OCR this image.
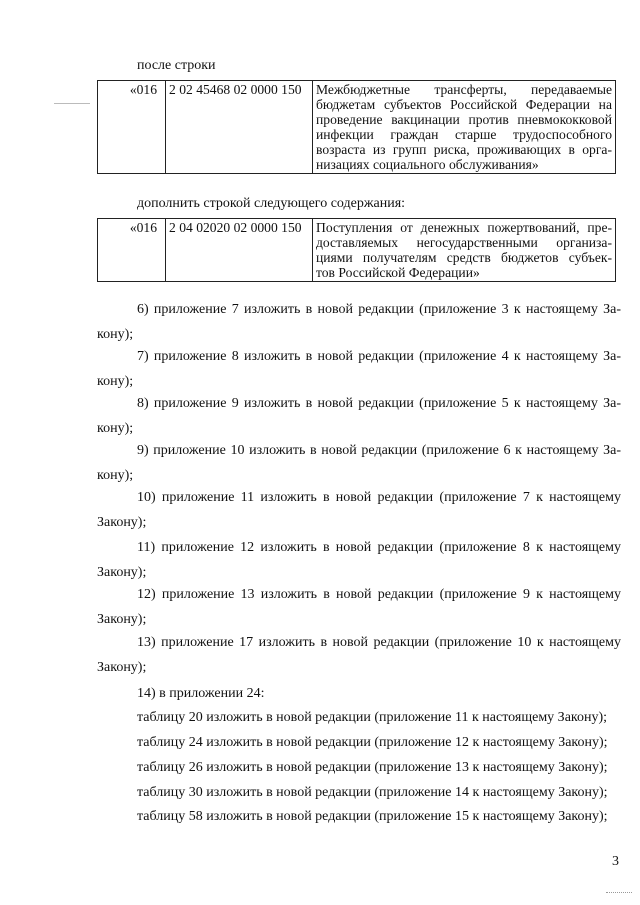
после строки
«016	2 02 45468 02 0000 150	Межбюджетные трансферты, передаваемые
бюджетам субъектов Российской Федерации на
проведение вакцинации против пневмококковой
инфекции граждан старше трудоспособного
возраста из групп риска, проживающих в орга-
низациях социального обслуживания»
дополнить строкой следующего содержания:
«016	2 04 02020 02 0000 150	Поступления от денежных пожертвований, пре-
доставляемых негосударственными организа-
циями получателям средств бюджетов субъек-
тов Российской Федерации»
6) приложение 7 изложить в новой редакции (приложение 3 к настоящему За-
кону);
7) приложение 8 изложить в новой редакции (приложение 4 к настоящему За-
кону);
8) приложение 9 изложить в новой редакции (приложение 5 к настоящему За-
кону);
9) приложение 10 изложить в новой редакции (приложение 6 к настоящему За-
кону);
10) приложение 11 изложить в новой редакции (приложение 7 к настоящему
Закону);
11) приложение 12 изложить в новой редакции (приложение 8 к настоящему
Закону);
12) приложение 13 изложить в новой редакции (приложение 9 к настоящему
Закону);
13) приложение 17 изложить в новой редакции (приложение 10 к настоящему
Закону);
14) в приложении 24:
таблицу 20 изложить в новой редакции (приложение 11 к настоящему Закону);
таблицу 24 изложить в новой редакции (приложение 12 к настоящему Закону);
таблицу 26 изложить в новой редакции (приложение 13 к настоящему Закону);
таблицу 30 изложить в новой редакции (приложение 14 к настоящему Закону);
таблицу 58 изложить в новой редакции (приложение 15 к настоящему Закону);
3
